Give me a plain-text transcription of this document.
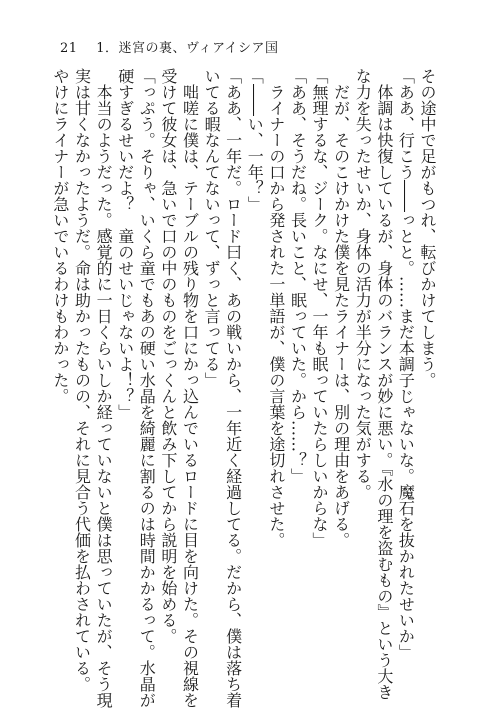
21 1．迷宮の裏、ヴィアイシア国
その途中で足がもつれ、転びかけてしまう。
「ああ、行こう――っとと。……まだ本調子じゃないな。魔石を抜かれたせいか」
　体調は快復しているが、身体のバランスが妙に悪い。『水の理を盗むもの』という大き
な力を失ったせいか、身体の活力が半分になった気がする。
　だが、そのこけかけた僕を見たライナーは、別の理由をあげる。
「無理するな、ジーク。なにせ、一年も眠っていたらしいからな」
「ああ、そうだね。長いこと、眠っていた。から……？」
　ライナーの口から発された一単語が、僕の言葉を途切れさせた。
「――い、一年？」
「ああ、一年だ。ロード曰く、あの戦いから、一年近く経過してる。だから、僕は落ち着
いてる暇なんてないって、ずっと言ってる」
　咄嗟に僕は、テーブルの残り物を口にかっ込んでいるロードに目を向けた。その視線を
受けて彼女は、急いで口の中のものをごっくんと飲み下してから説明を始める。
「っぷう。そりゃ、いくら童でもあの硬い水晶を綺麗に割るのは時間かかるって。水晶が
硬すぎるせいだよ？　童のせいじゃないよ！？」
　本当のようだった。感覚的に一日くらいしか経っていないと僕は思っていたが、そう現
実は甘くなかったようだ。命は助かったものの、それに見合う代価を払わされている。
やけにライナーが急いでいるわけもわかった。
